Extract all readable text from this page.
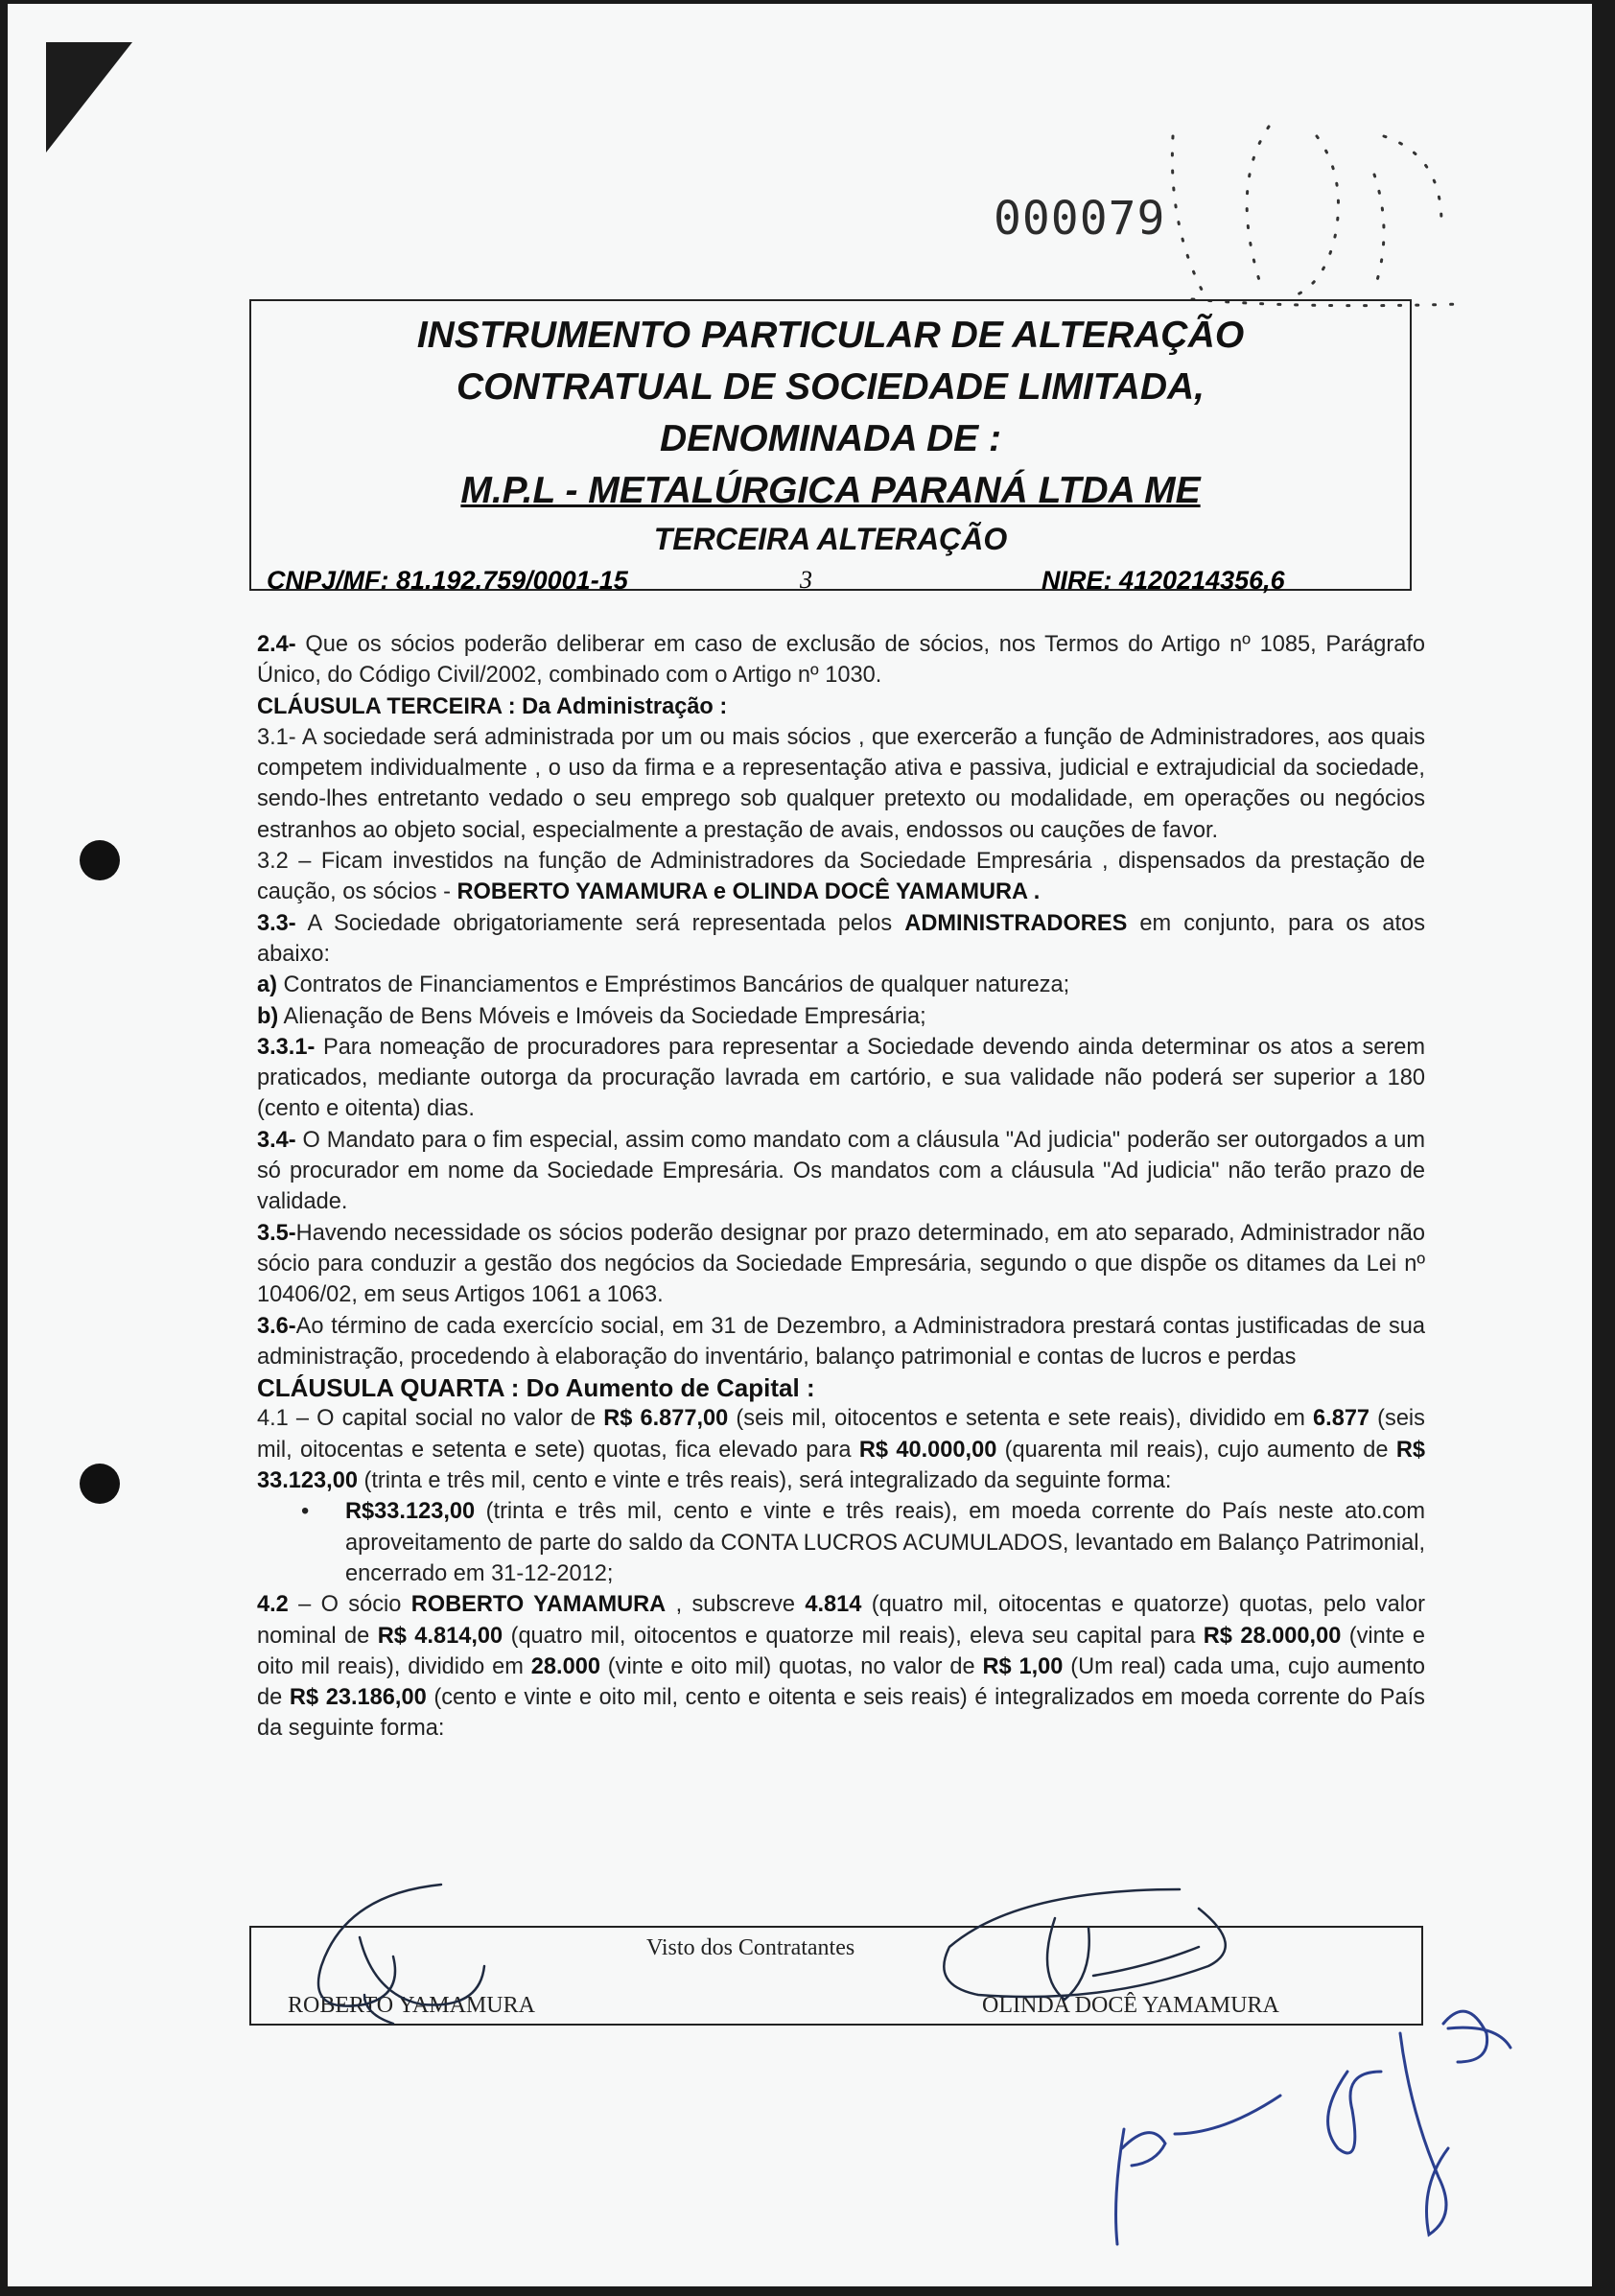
000079
INSTRUMENTO PARTICULAR DE ALTERAÇÃO
CONTRATUAL DE SOCIEDADE LIMITADA,
DENOMINADA DE :
M.P.L - METALÚRGICA PARANÁ LTDA ME
TERCEIRA ALTERAÇÃO
CNPJ/MF: 81.192.759/0001-15	3	NIRE: 4120214356,6

2.4- Que os sócios poderão deliberar em caso de exclusão de sócios, nos Termos do Artigo nº 1085, Parágrafo Único, do Código Civil/2002, combinado com o Artigo nº 1030.

CLÁUSULA TERCEIRA : Da Administração :

3.1- A sociedade será administrada por um ou mais sócios , que exercerão a função de Administradores, aos quais competem individualmente , o uso da firma e a representação ativa e passiva, judicial e extrajudicial da sociedade, sendo-lhes entretanto vedado o seu emprego sob qualquer pretexto ou modalidade, em operações ou negócios estranhos ao objeto social, especialmente a prestação de avais, endossos ou cauções de favor.

3.2 – Ficam investidos na função de Administradores da Sociedade Empresária , dispensados da prestação de caução, os sócios - ROBERTO YAMAMURA e OLINDA DOCÊ YAMAMURA .

3.3- A Sociedade obrigatoriamente será representada pelos ADMINISTRADORES em conjunto, para os atos abaixo:

a) Contratos de Financiamentos e Empréstimos Bancários de qualquer natureza;

b) Alienação de Bens Móveis e Imóveis da Sociedade Empresária;

3.3.1- Para nomeação de procuradores para representar a Sociedade devendo ainda determinar os atos a serem praticados, mediante outorga da procuração lavrada em cartório, e sua validade não poderá ser superior a 180 (cento e oitenta) dias.

3.4- O Mandato para o fim especial, assim como mandato com a cláusula "Ad judicia" poderão ser outorgados a um só procurador em nome da Sociedade Empresária. Os mandatos com a cláusula "Ad judicia" não terão prazo de validade.

3.5-Havendo necessidade os sócios poderão designar por prazo determinado, em ato separado, Administrador não sócio para conduzir a gestão dos negócios da Sociedade Empresária, segundo o que dispõe os ditames da Lei nº 10406/02, em seus Artigos 1061 a 1063.

3.6-Ao término de cada exercício social, em 31 de Dezembro, a Administradora prestará contas justificadas de sua administração, procedendo à elaboração do inventário, balanço patrimonial e contas de lucros e perdas

CLÁUSULA QUARTA : Do Aumento de Capital :

4.1 – O capital social no valor de R$ 6.877,00 (seis mil, oitocentos e setenta e sete reais), dividido em 6.877 (seis mil, oitocentas e setenta e sete) quotas, fica elevado para R$ 40.000,00 (quarenta mil reais), cujo aumento de R$ 33.123,00 (trinta e três mil, cento e vinte e três reais), será integralizado da seguinte forma:

• R$33.123,00 (trinta e três mil, cento e vinte e três reais), em moeda corrente do País neste ato.com aproveitamento de parte do saldo da CONTA LUCROS ACUMULADOS, levantado em Balanço Patrimonial, encerrado em 31-12-2012;

4.2 – O sócio ROBERTO YAMAMURA , subscreve 4.814 (quatro mil, oitocentas e quatorze) quotas, pelo valor nominal de R$ 4.814,00 (quatro mil, oitocentos e quatorze mil reais), eleva seu capital para R$ 28.000,00 (vinte e oito mil reais), dividido em 28.000 (vinte e oito mil) quotas, no valor de R$ 1,00 (Um real) cada uma, cujo aumento de R$ 23.186,00 (cento e vinte e oito mil, cento e oitenta e seis reais) é integralizados em moeda corrente do País da seguinte forma:

Visto dos Contratantes
ROBERTO YAMAMURA	OLINDA DOCÊ YAMAMURA
